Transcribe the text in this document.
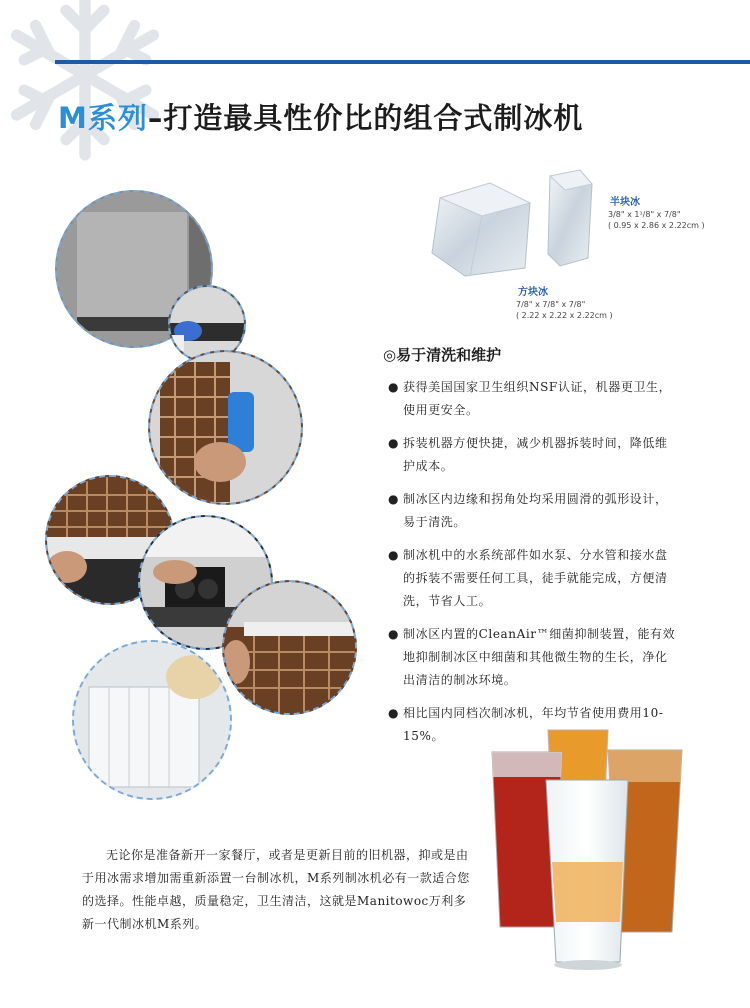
M系列–打造最具性价比的组合式制冰机
半块冰
3/8" x 1¹/8" x 7/8"
( 0.95 x 2.86 x 2.22cm )
方块冰
7/8" x 7/8" x 7/8"
( 2.22 x 2.22 x 2.22cm )
◎易于清洗和维护
● 获得美国国家卫生组织NSF认证，机器更卫生，使用更安全。
● 拆装机器方便快捷，减少机器拆装时间，降低维护成本。
● 制冰区内边缘和拐角处均采用圆滑的弧形设计，易于清洗。
● 制冰机中的水系统部件如水泵、分水管和接水盘的拆装不需要任何工具，徒手就能完成，方便清洗，节省人工。
● 制冰区内置的CleanAir™细菌抑制装置，能有效地抑制制冰区中细菌和其他微生物的生长，净化出清洁的制冰环境。
● 相比国内同档次制冰机，年均节省使用费用10-15%。
无论你是准备新开一家餐厅，或者是更新目前的旧机器，抑或是由于用冰需求增加需重新添置一台制冰机，M系列制冰机必有一款适合您的选择。性能卓越，质量稳定，卫生清洁，这就是Manitowoc万利多新一代制冰机M系列。
